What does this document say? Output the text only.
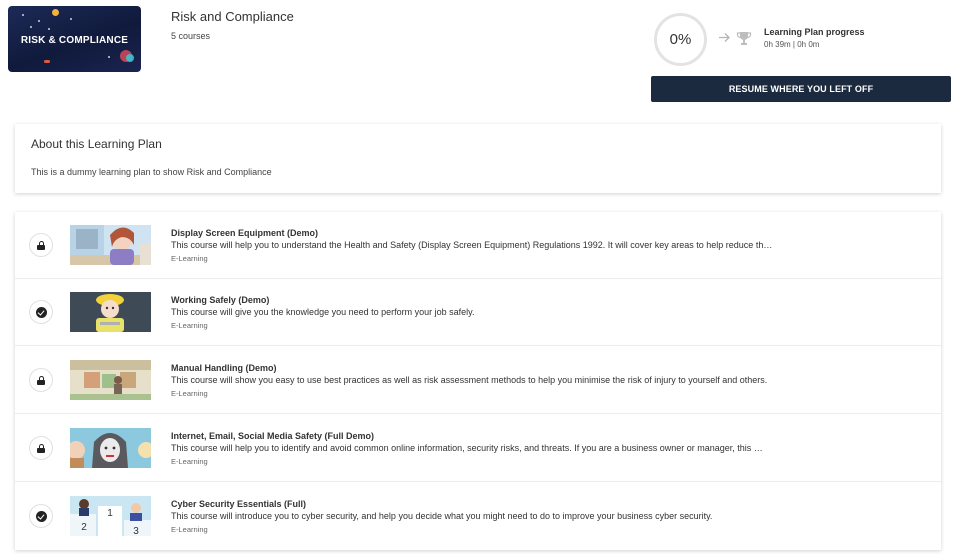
RISK & COMPLIANCE
Risk and Compliance
5 courses	0%	Learning Plan progress
0h 39m | 0h 0m
RESUME WHERE YOU LEFT OFF
About this Learning Plan
This is a dummy learning plan to show Risk and Compliance
Display Screen Equipment (Demo)
This course will help you to understand the Health and Safety (Display Screen Equipment) Regulations 1992. It will cover key areas to help reduce th…
E-Learning
Working Safely (Demo)
This course will give you the knowledge you need to perform your job safely.
E-Learning
Manual Handling (Demo)
This course will show you easy to use best practices as well as risk assessment methods to help you minimise the risk of injury to yourself and others.
E-Learning
Internet, Email, Social Media Safety (Full Demo)
This course will help you to identify and avoid common online information, security risks, and threats. If you are a business owner or manager, this …
E-Learning
1
2	3
Cyber Security Essentials (Full)
This course will introduce you to cyber security, and help you decide what you might need to do to improve your business cyber security.
E-Learning
